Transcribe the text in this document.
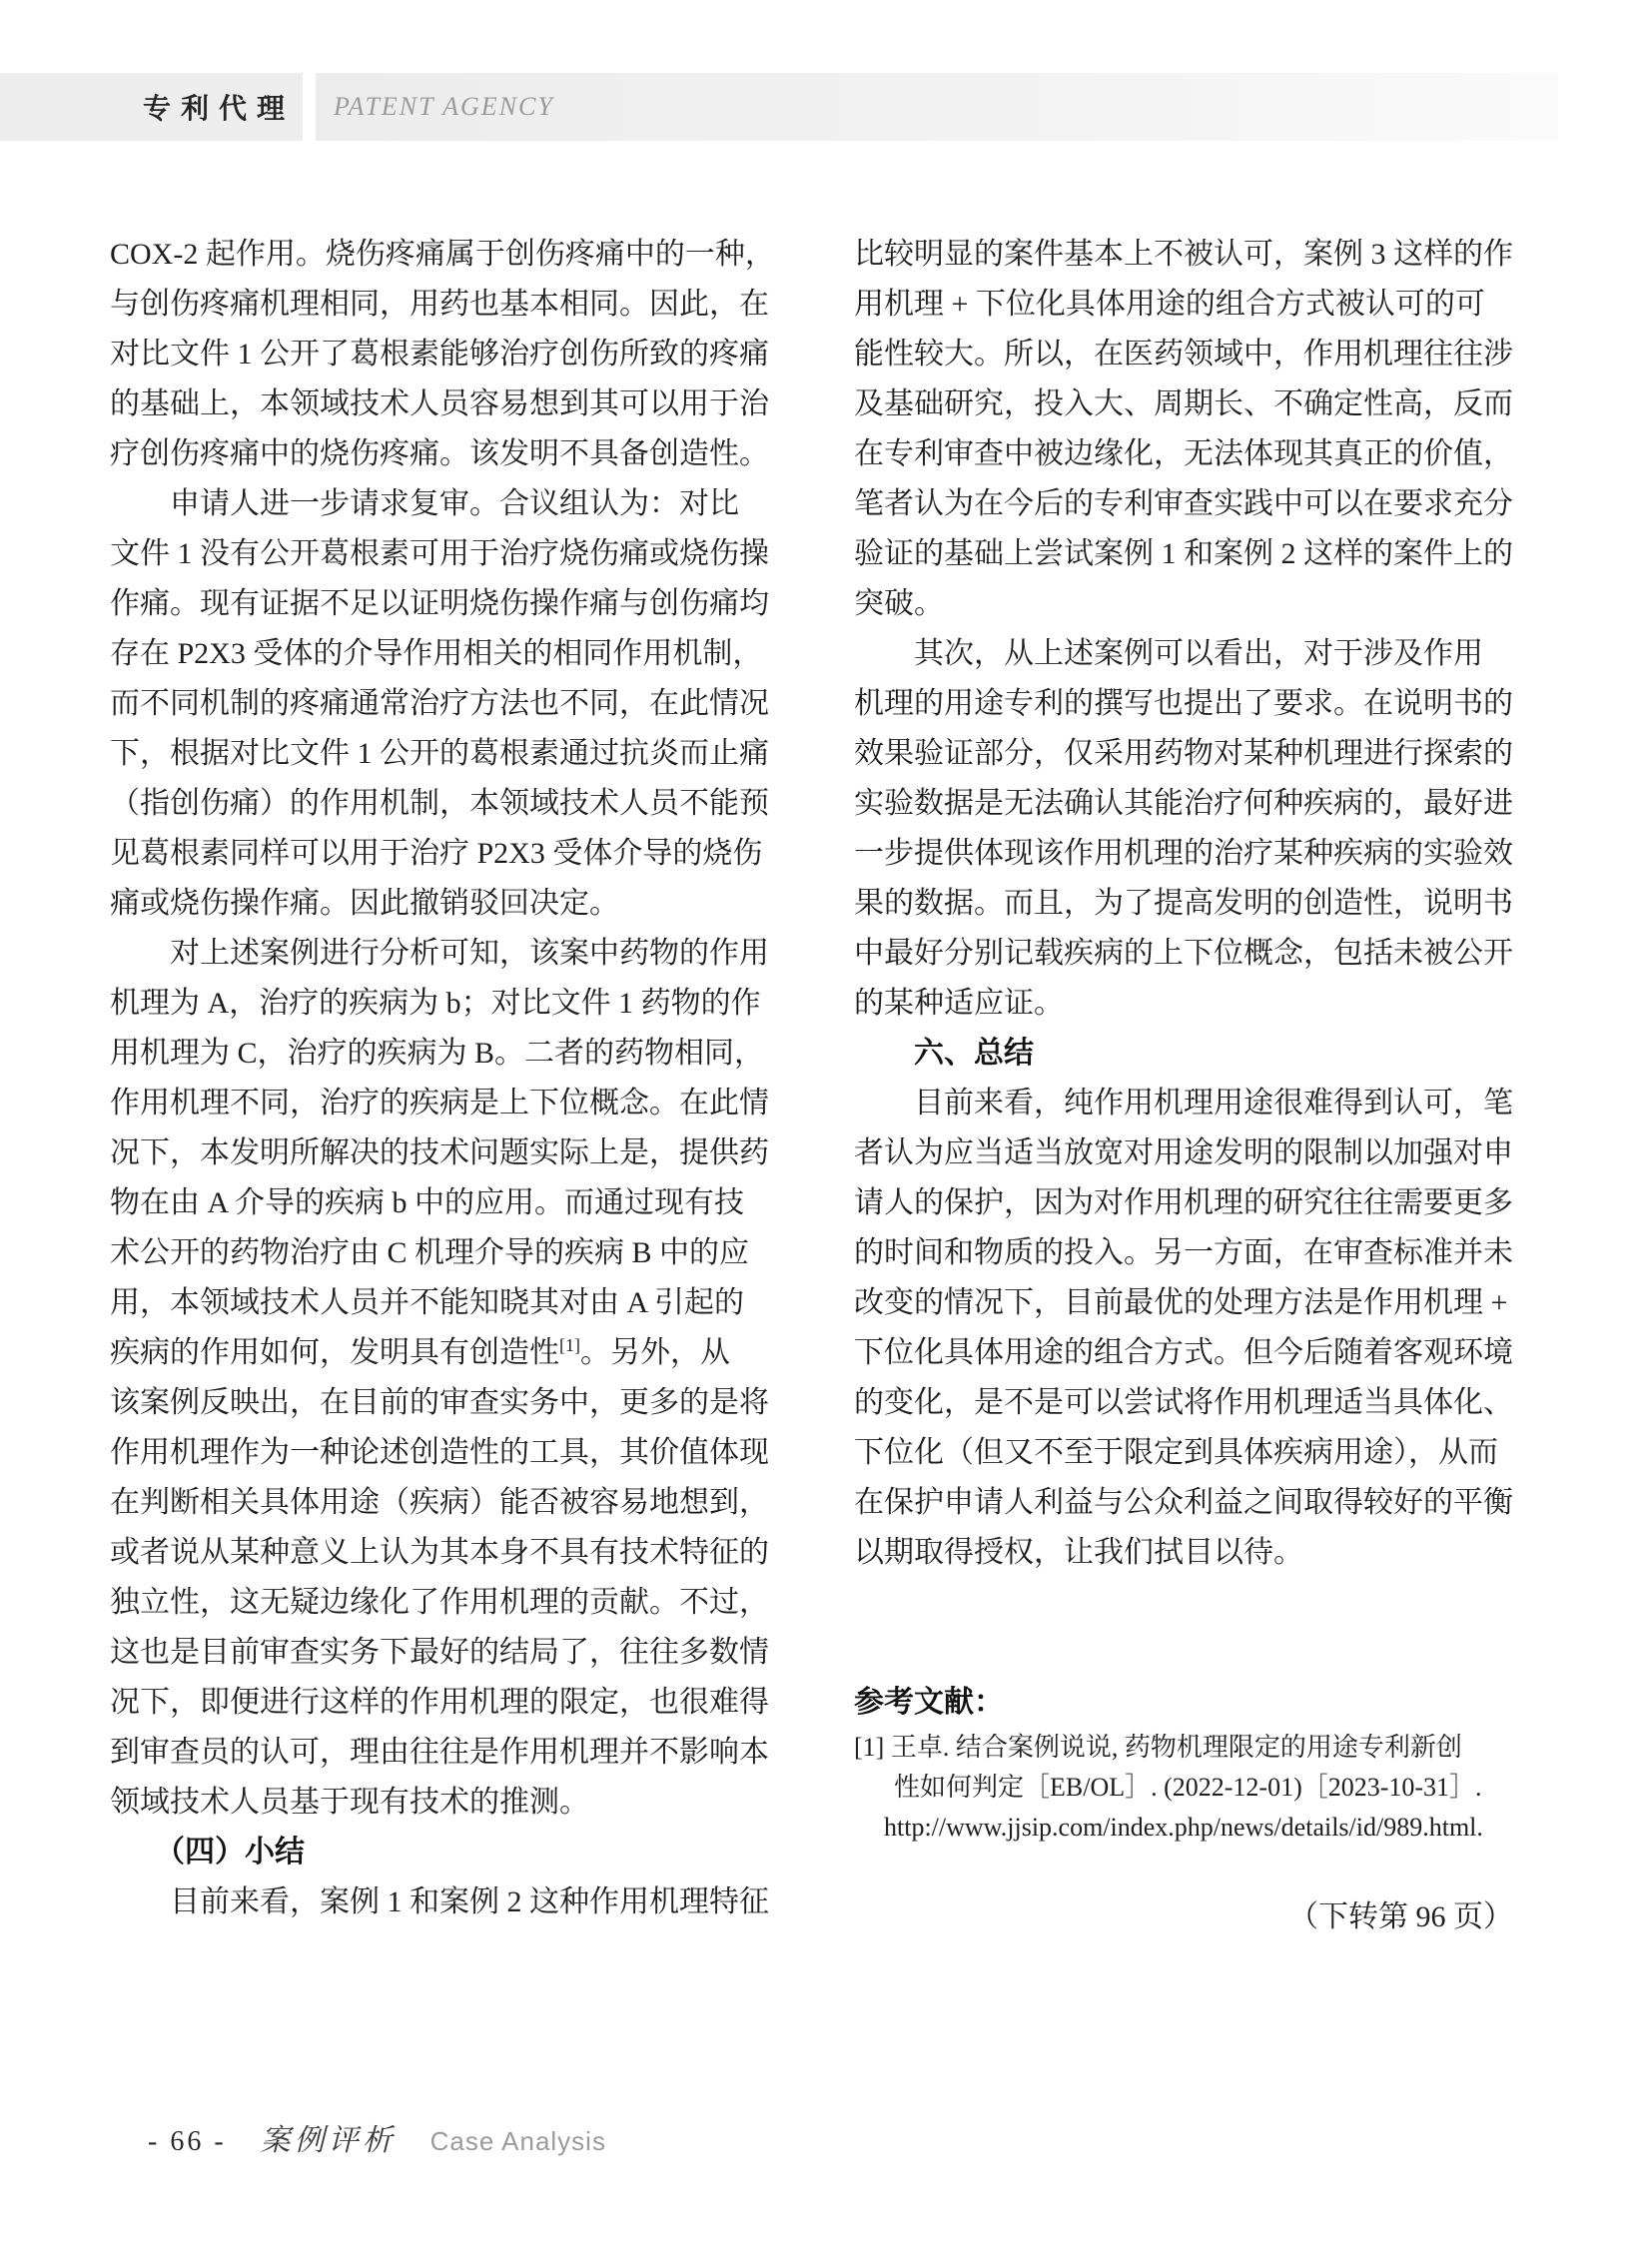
专利代理 PATENT AGENCY
COX-2 起作用。烧伤疼痛属于创伤疼痛中的一种，
与创伤疼痛机理相同，用药也基本相同。因此，在
对比文件 1 公开了葛根素能够治疗创伤所致的疼痛
的基础上，本领域技术人员容易想到其可以用于治
疗创伤疼痛中的烧伤疼痛。该发明不具备创造性。
　　申请人进一步请求复审。合议组认为：对比
文件 1 没有公开葛根素可用于治疗烧伤痛或烧伤操
作痛。现有证据不足以证明烧伤操作痛与创伤痛均
存在 P2X3 受体的介导作用相关的相同作用机制，
而不同机制的疼痛通常治疗方法也不同，在此情况
下，根据对比文件 1 公开的葛根素通过抗炎而止痛
（指创伤痛）的作用机制，本领域技术人员不能预
见葛根素同样可以用于治疗 P2X3 受体介导的烧伤
痛或烧伤操作痛。因此撤销驳回决定。
　　对上述案例进行分析可知，该案中药物的作用
机理为 A，治疗的疾病为 b；对比文件 1 药物的作
用机理为 C，治疗的疾病为 B。二者的药物相同，
作用机理不同，治疗的疾病是上下位概念。在此情
况下，本发明所解决的技术问题实际上是，提供药
物在由 A 介导的疾病 b 中的应用。而通过现有技
术公开的药物治疗由 C 机理介导的疾病 B 中的应
用，本领域技术人员并不能知晓其对由 A 引起的
疾病的作用如何，发明具有创造性[1]。另外，从
该案例反映出，在目前的审查实务中，更多的是将
作用机理作为一种论述创造性的工具，其价值体现
在判断相关具体用途（疾病）能否被容易地想到，
或者说从某种意义上认为其本身不具有技术特征的
独立性，这无疑边缘化了作用机理的贡献。不过，
这也是目前审查实务下最好的结局了，往往多数情
况下，即便进行这样的作用机理的限定，也很难得
到审查员的认可，理由往往是作用机理并不影响本
领域技术人员基于现有技术的推测。
　　（四）小结
　　目前来看，案例 1 和案例 2 这种作用机理特征
比较明显的案件基本上不被认可，案例 3 这样的作
用机理 + 下位化具体用途的组合方式被认可的可
能性较大。所以，在医药领域中，作用机理往往涉
及基础研究，投入大、周期长、不确定性高，反而
在专利审查中被边缘化，无法体现其真正的价值，
笔者认为在今后的专利审查实践中可以在要求充分
验证的基础上尝试案例 1 和案例 2 这样的案件上的
突破。
　　其次，从上述案例可以看出，对于涉及作用
机理的用途专利的撰写也提出了要求。在说明书的
效果验证部分，仅采用药物对某种机理进行探索的
实验数据是无法确认其能治疗何种疾病的，最好进
一步提供体现该作用机理的治疗某种疾病的实验效
果的数据。而且，为了提高发明的创造性，说明书
中最好分别记载疾病的上下位概念，包括未被公开
的某种适应证。
　　六、总结
　　目前来看，纯作用机理用途很难得到认可，笔
者认为应当适当放宽对用途发明的限制以加强对申
请人的保护，因为对作用机理的研究往往需要更多
的时间和物质的投入。另一方面，在审查标准并未
改变的情况下，目前最优的处理方法是作用机理 +
下位化具体用途的组合方式。但今后随着客观环境
的变化，是不是可以尝试将作用机理适当具体化、
下位化（但又不至于限定到具体疾病用途），从而
在保护申请人利益与公众利益之间取得较好的平衡
以期取得授权，让我们拭目以待。
参考文献：
[1] 王卓. 结合案例说说, 药物机理限定的用途专利新创
性如何判定［EB/OL］. (2022-12-01)［2023-10-31］.
http://www.jjsip.com/index.php/news/details/id/989.html.
（下转第 96 页）
- 66 - 案例评析 Case Analysis
